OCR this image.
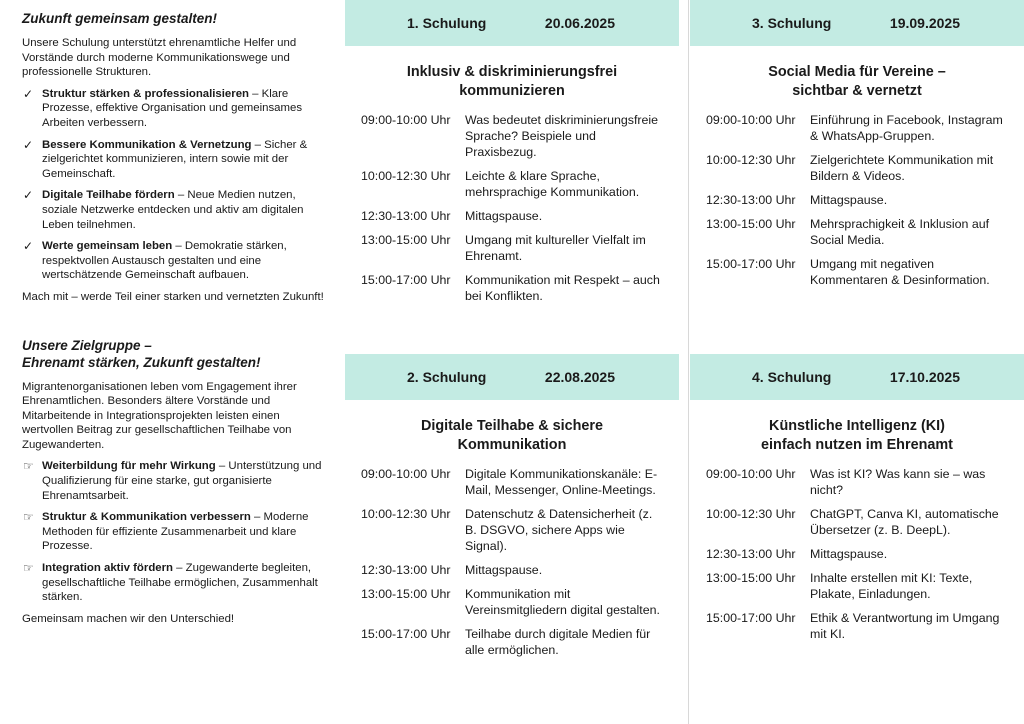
Zukunft gemeinsam gestalten!
Unsere Schulung unterstützt ehrenamtliche Helfer und Vorstände durch moderne Kommunikationswege und professionelle Strukturen.
✓ Struktur stärken & professionalisieren – Klare Prozesse, effektive Organisation und gemeinsames Arbeiten verbessern.
✓ Bessere Kommunikation & Vernetzung – Sicher & zielgerichtet kommunizieren, intern sowie mit der Gemeinschaft.
✓ Digitale Teilhabe fördern – Neue Medien nutzen, soziale Netzwerke entdecken und aktiv am digitalen Leben teilnehmen.
✓ Werte gemeinsam leben – Demokratie stärken, respektvollen Austausch gestalten und eine wertschätzende Gemeinschaft aufbauen.
Mach mit – werde Teil einer starken und vernetzten Zukunft!
Unsere Zielgruppe –
Ehrenamt stärken, Zukunft gestalten!
Migrantenorganisationen leben vom Engagement ihrer Ehrenamtlichen. Besonders ältere Vorstände und Mitarbeitende in Integrationsprojekten leisten einen wertvollen Beitrag zur gesellschaftlichen Teilhabe von Zugewanderten.
☞ Weiterbildung für mehr Wirkung – Unterstützung und Qualifizierung für eine starke, gut organisierte Ehrenamtsarbeit.
☞ Struktur & Kommunikation verbessern – Moderne Methoden für effiziente Zusammenarbeit und klare Prozesse.
☞ Integration aktiv fördern – Zugewanderte begleiten, gesellschaftliche Teilhabe ermöglichen, Zusammenhalt stärken.
Gemeinsam machen wir den Unterschied!
1. Schulung	20.06.2025
Inklusiv & diskriminierungsfrei
kommunizieren
09:00-10:00 Uhr	Was bedeutet diskriminierungsfreie Sprache? Beispiele und Praxisbezug.
10:00-12:30 Uhr	Leichte & klare Sprache, mehrsprachige Kommunikation.
12:30-13:00 Uhr	Mittagspause.
13:00-15:00 Uhr	Umgang mit kultureller Vielfalt im Ehrenamt.
15:00-17:00 Uhr	Kommunikation mit Respekt – auch bei Konflikten.
2. Schulung	22.08.2025
Digitale Teilhabe & sichere
Kommunikation
09:00-10:00 Uhr	Digitale Kommunikationskanäle: E-Mail, Messenger, Online-Meetings.
10:00-12:30 Uhr	Datenschutz & Datensicherheit (z. B. DSGVO, sichere Apps wie Signal).
12:30-13:00 Uhr	Mittagspause.
13:00-15:00 Uhr	Kommunikation mit Vereinsmitgliedern digital gestalten.
15:00-17:00 Uhr	Teilhabe durch digitale Medien für alle ermöglichen.
3. Schulung	19.09.2025
Social Media für Vereine –
sichtbar & vernetzt
09:00-10:00 Uhr	Einführung in Facebook, Instagram & WhatsApp-Gruppen.
10:00-12:30 Uhr	Zielgerichtete Kommunikation mit Bildern & Videos.
12:30-13:00 Uhr	Mittagspause.
13:00-15:00 Uhr	Mehrsprachigkeit & Inklusion auf Social Media.
15:00-17:00 Uhr	Umgang mit negativen Kommentaren & Desinformation.
4. Schulung	17.10.2025
Künstliche Intelligenz (KI)
einfach nutzen im Ehrenamt
09:00-10:00 Uhr	Was ist KI? Was kann sie – was nicht?
10:00-12:30 Uhr	ChatGPT, Canva KI, automatische Übersetzer (z. B. DeepL).
12:30-13:00 Uhr	Mittagspause.
13:00-15:00 Uhr	Inhalte erstellen mit KI: Texte, Plakate, Einladungen.
15:00-17:00 Uhr	Ethik & Verantwortung im Umgang mit KI.
